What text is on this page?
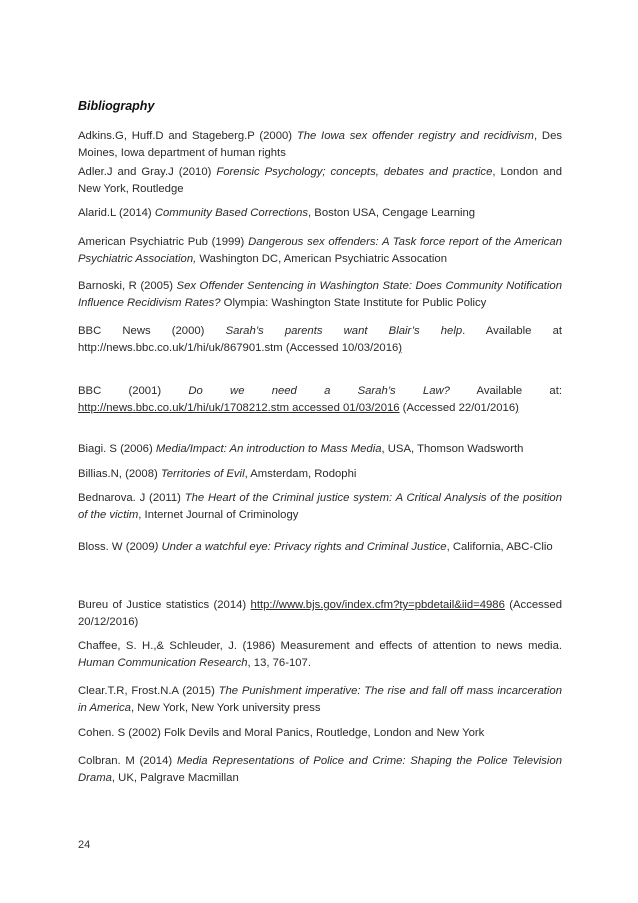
Bibliography
Adkins.G, Huff.D and Stageberg.P (2000) The Iowa sex offender registry and recidivism, Des Moines, Iowa department of human rights
Adler.J and Gray.J (2010) Forensic Psychology; concepts, debates and practice, London and New York, Routledge
Alarid.L (2014) Community Based Corrections, Boston USA, Cengage Learning
American Psychiatric Pub (1999) Dangerous sex offenders: A Task force report of the American Psychiatric Association, Washington DC, American Psychiatric Assocation
Barnoski, R (2005) Sex Offender Sentencing in Washington State: Does Community Notification Influence Recidivism Rates? Olympia: Washington State Institute for Public Policy
BBC News (2000) Sarah’s parents want Blair’s help. Available at
http://news.bbc.co.uk/1/hi/uk/867901.stm (Accessed 10/03/2016)
BBC (2001) Do we need a Sarah’s Law? Available at:
http://news.bbc.co.uk/1/hi/uk/1708212.stm accessed 01/03/2016 (Accessed 22/01/2016)
Biagi. S (2006) Media/Impact: An introduction to Mass Media, USA, Thomson Wadsworth
Billias.N, (2008) Territories of Evil, Amsterdam, Rodophi
Bednarova. J (2011) The Heart of the Criminal justice system: A Critical Analysis of the position of the victim, Internet Journal of Criminology
Bloss. W (2009) Under a watchful eye: Privacy rights and Criminal Justice, California, ABC-Clio
Bureu of Justice statistics (2014) http://www.bjs.gov/index.cfm?ty=pbdetail&iid=4986 (Accessed 20/12/2016)
Chaffee, S. H.,& Schleuder, J. (1986) Measurement and effects of attention to news media. Human Communication Research, 13, 76-107.
Clear.T.R, Frost.N.A (2015) The Punishment imperative: The rise and fall off mass incarceration in America, New York, New York university press
Cohen. S (2002) Folk Devils and Moral Panics, Routledge, London and New York
Colbran. M (2014) Media Representations of Police and Crime: Shaping the Police Television Drama, UK, Palgrave Macmillan
24
